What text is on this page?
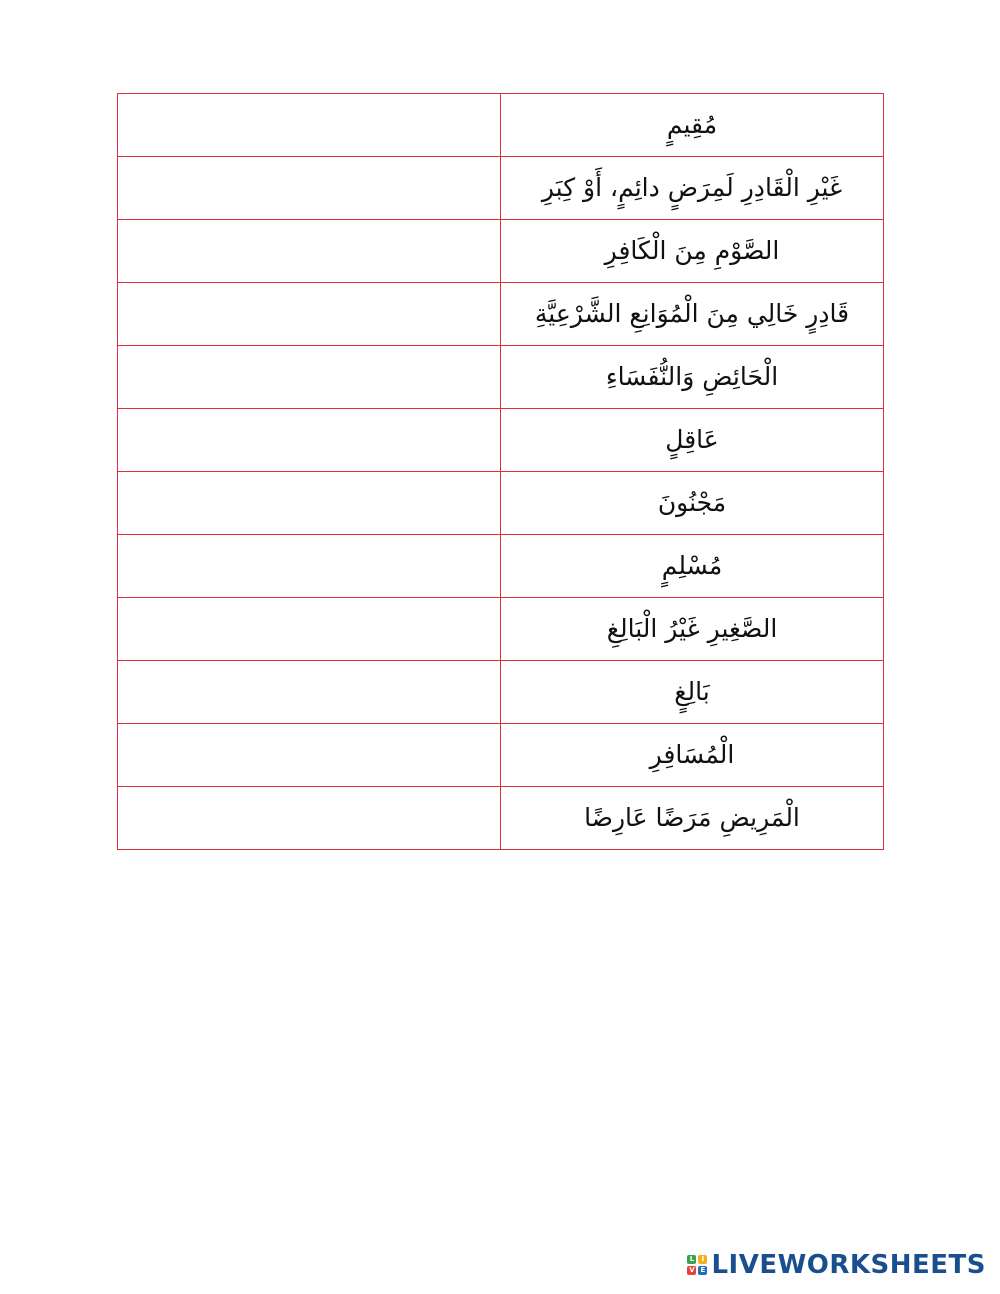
	مُقِيمٍ
	غَيْرِ الْقَادِرِ لَمِرَضٍ دائِمٍ، أَوْ كِبَرِ
	الصَّوْمِ مِنَ الْكَافِرِ
	قَادِرٍ خَالِي مِنَ الْمُوَانِعِ الشَّرْعِيَّةِ
	الْحَائِضِ وَالنُّفَسَاءِ
	عَاقِلٍ
	مَجْنُونَ
	مُسْلِمٍ
	الصَّغِيرِ غَيْرُ الْبَالِغِ
	بَالِغٍ
	الْمُسَافِرِ
	الْمَرِيضِ مَرَضًا عَارِضًا
L	I
V E LIVEWORKSHEETS
